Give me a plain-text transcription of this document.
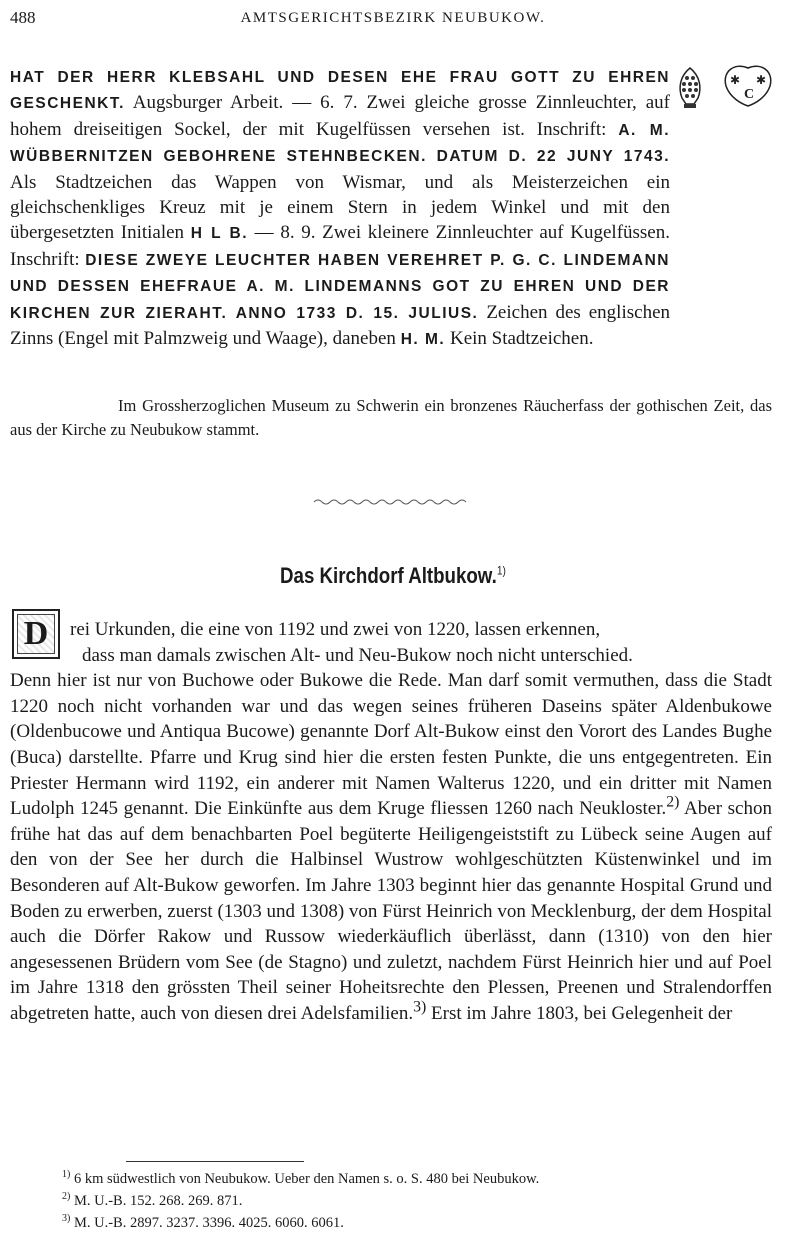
488	AMTSGERICHTSBEZIRK NEUBUKOW.
HAT DER HERR KLEBSAHL UND DESEN EHE FRAU GOTT ZU EHREN GESCHENKT. Augsburger Arbeit. — 6. 7. Zwei gleiche grosse Zinnleuchter, auf hohem dreiseitigen Sockel, der mit Kugelfüssen versehen ist. Inschrift: A. M. WÜBBERNITZEN GEBOHRENE STEHNBECKEN. DATUM D. 22 JUNY 1743. Als Stadtzeichen das Wappen von Wismar, und als Meisterzeichen ein gleichschenkliges Kreuz mit je einem Stern in jedem Winkel und mit den übergesetzten Initialen H L B. — 8. 9. Zwei kleinere Zinnleuchter auf Kugelfüssen. Inschrift: DIESE ZWEYE LEUCHTER HABEN VEREHRET P. G. C. LINDEMANN UND DESSEN EHEFRAUE A. M. LINDEMANNS GOT ZU EHREN UND DER KIRCHEN ZUR ZIERAHT. ANNO 1733 D. 15. JULIUS. Zeichen des englischen Zinns (Engel mit Palmzweig und Waage), daneben H. M. Kein Stadtzeichen.
✱ ✱
C
Im Grossherzoglichen Museum zu Schwerin ein bronzenes Räucherfass der gothischen Zeit, das aus der Kirche zu Neubukow stammt.
Das Kirchdorf Altbukow.$^{1)}$
D	rei Urkunden, die eine von 1192 und zwei von 1220, lassen erkennen,
dass man damals zwischen Alt- und Neu-Bukow noch nicht unterschied.
Denn hier ist nur von Buchowe oder Bukowe die Rede. Man darf somit vermuthen, dass die Stadt 1220 noch nicht vorhanden war und das wegen seines früheren Daseins später Aldenbukowe (Oldenbucowe und Antiqua Bucowe) genannte Dorf Alt-Bukow einst den Vorort des Landes Bughe (Buca) darstellte. Pfarre und Krug sind hier die ersten festen Punkte, die uns entgegentreten. Ein Priester Hermann wird 1192, ein anderer mit Namen Walterus 1220, und ein dritter mit Namen Ludolph 1245 genannt. Die Einkünfte aus dem Kruge fliessen 1260 nach Neukloster.$^{2)}$ Aber schon frühe hat das auf dem benachbarten Poel begüterte Heiligengeiststift zu Lübeck seine Augen auf den von der See her durch die Halbinsel Wustrow wohlgeschützten Küstenwinkel und im Besonderen auf Alt-Bukow geworfen. Im Jahre 1303 beginnt hier das genannte Hospital Grund und Boden zu erwerben, zuerst (1303 und 1308) von Fürst Heinrich von Mecklenburg, der dem Hospital auch die Dörfer Rakow und Russow wiederkäuflich überlässt, dann (1310) von den hier angesessenen Brüdern vom See (de Stagno) und zuletzt, nachdem Fürst Heinrich hier und auf Poel im Jahre 1318 den grössten Theil seiner Hoheitsrechte den Plessen, Preenen und Stralendorffen abgetreten hatte, auch von diesen drei Adelsfamilien.$^{3)}$ Erst im Jahre 1803, bei Gelegenheit der
$^{1)}$ 6 km südwestlich von Neubukow. Ueber den Namen s. o. S. 480 bei Neubukow.
$^{2)}$ M. U.-B. 152. 268. 269. 871.
$^{3)}$ M. U.-B. 2897. 3237. 3396. 4025. 6060. 6061.
